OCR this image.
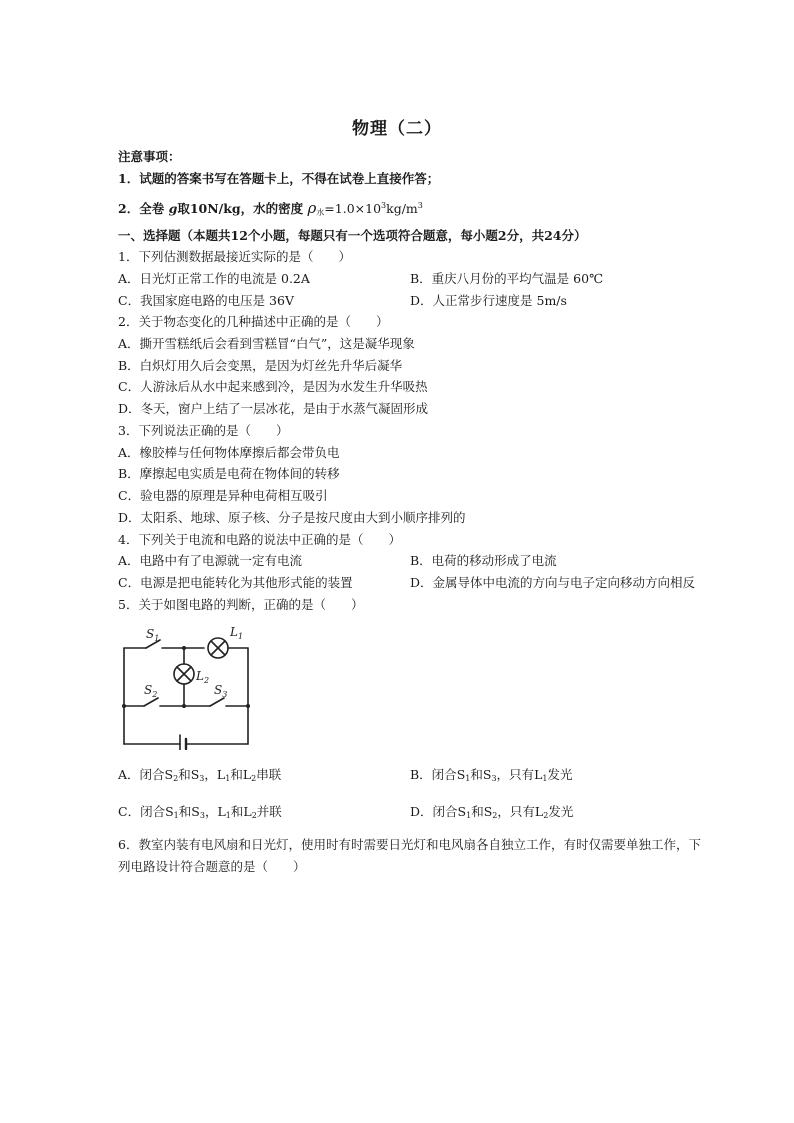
物理（二）
注意事项：
1．试题的答案书写在答题卡上，不得在试卷上直接作答；
2．全卷 g取10N/kg，水的密度 $\rho_水=1.0\times 10^3kg/m^3$
一、选择题（本题共12个小题，每题只有一个选项符合题意，每小题2分，共24分）
1．下列估测数据最接近实际的是（　　）
A．日光灯正常工作的电流是 0.2A	B．重庆八月份的平均气温是 60℃
C．我国家庭电路的电压是 36V	D．人正常步行速度是 5m/s
2．关于物态变化的几种描述中正确的是（　　）
A．撕开雪糕纸后会看到雪糕冒“白气”，这是凝华现象
B．白炽灯用久后会变黑，是因为灯丝先升华后凝华
C．人游泳后从水中起来感到冷，是因为水发生升华吸热
D．冬天，窗户上结了一层冰花，是由于水蒸气凝固形成
3．下列说法正确的是（　　）
A．橡胶棒与任何物体摩擦后都会带负电
B．摩擦起电实质是电荷在物体间的转移
C．验电器的原理是异种电荷相互吸引
D．太阳系、地球、原子核、分子是按尺度由大到小顺序排列的
4．下列关于电流和电路的说法中正确的是（　　）
A．电路中有了电源就一定有电流	B．电荷的移动形成了电流
C．电源是把电能转化为其他形式能的装置	D．金属导体中电流的方向与电子定向移动方向相反
5．关于如图电路的判断，正确的是（　　）
$S_1$	$L_1$
$L_2$
$S_2$	$S_3$
A．闭合$S_2$和$S_3$，$L_1$和$L_2$串联	B．闭合$S_1$和$S_3$，只有$L_1$发光
C．闭合$S_1$和$S_3$，$L_1$和$L_2$并联	D．闭合$S_1$和$S_2$，只有$L_2$发光
6．教室内装有电风扇和日光灯，使用时有时需要日光灯和电风扇各自独立工作，有时仅需要单独工作，下
列电路设计符合题意的是（　　）
